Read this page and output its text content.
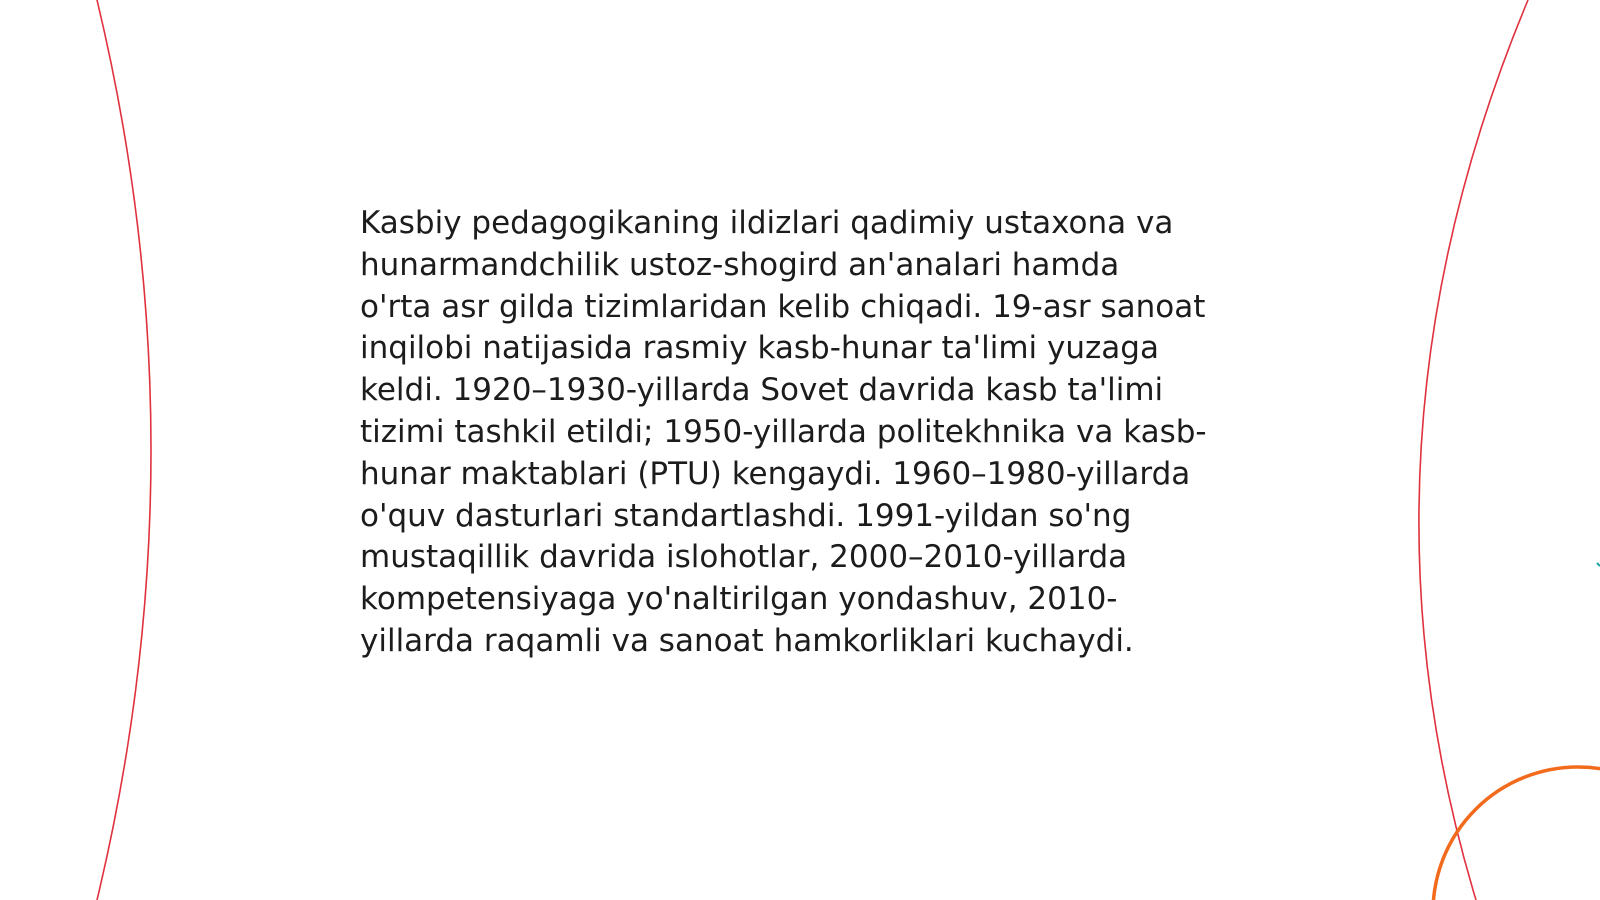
Kasbiy pedagogikaning ildizlari qadimiy ustaxona va
hunarmandchilik ustoz-shogird an'analari hamda
o'rta asr gilda tizimlaridan kelib chiqadi. 19-asr sanoat
inqilobi natijasida rasmiy kasb-hunar ta'limi yuzaga
keldi. 1920–1930-yillarda Sovet davrida kasb ta'limi
tizimi tashkil etildi; 1950-yillarda politekhnika va kasb-
hunar maktablari (PTU) kengaydi. 1960–1980-yillarda
o'quv dasturlari standartlashdi. 1991-yildan so'ng
mustaqillik davrida islohotlar, 2000–2010-yillarda
kompetensiyaga yo'naltirilgan yondashuv, 2010-
yillarda raqamli va sanoat hamkorliklari kuchaydi.
